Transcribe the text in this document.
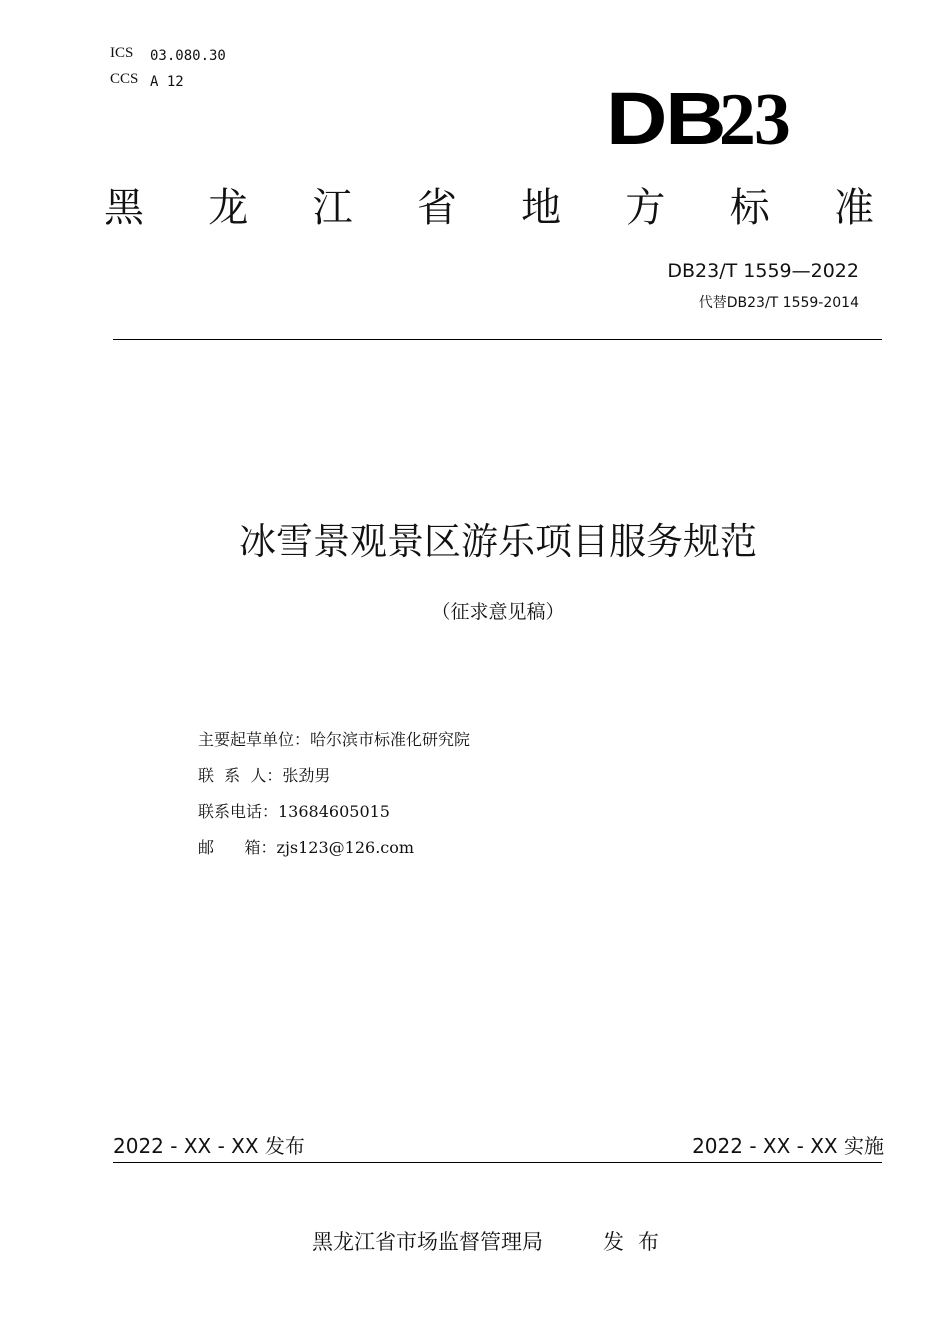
ICS 03.080.30
CCS A 12	DB23
黑 龙 江 省 地 方 标 准
DB23/T 1559—2022
代替DB23/T 1559-2014
冰雪景观景区游乐项目服务规范
（征求意见稿）
主要起草单位：哈尔滨市标准化研究院
联  系  人：张劲男
联系电话：13684605015
邮      箱：zjs123@126.com
2022 - XX - XX 发布	2022 - XX - XX 实施
黑龙江省市场监督管理局	发布
